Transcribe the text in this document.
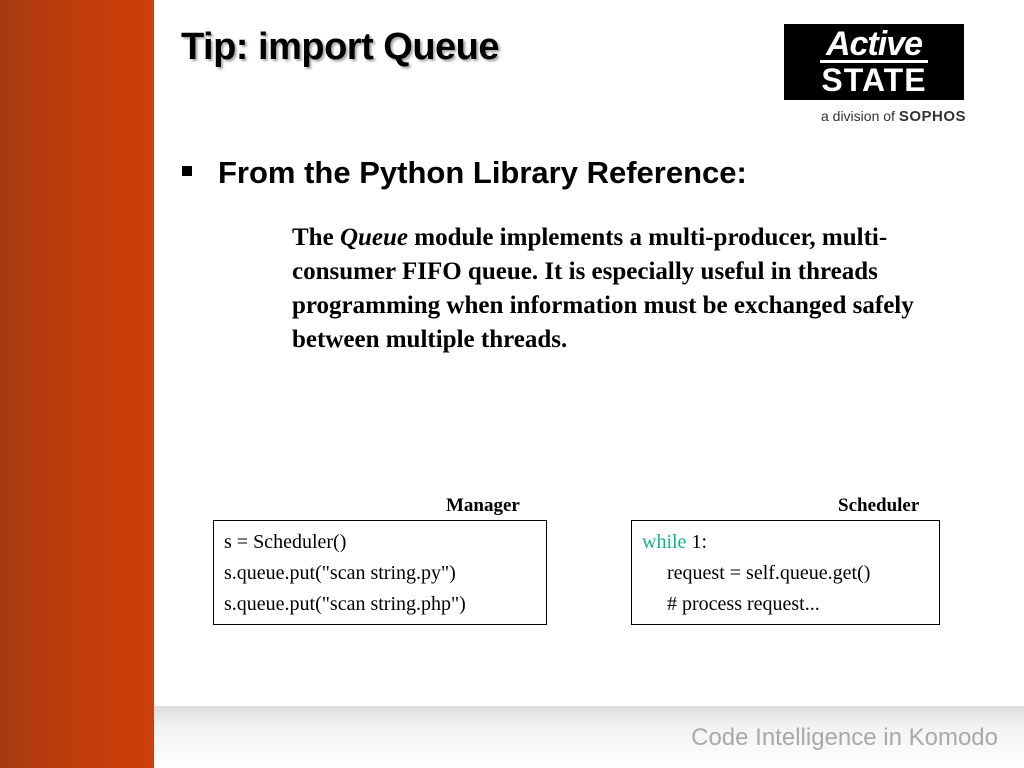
Tip: import Queue	Active
STATE
a division of SOPHOS
From the Python Library Reference:
The Queue module implements a multi-producer, multi-consumer FIFO queue. It is especially useful in threads programming when information must be exchanged safely between multiple threads.
Manager
s = Scheduler()
s.queue.put("scan string.py")
s.queue.put("scan string.php")
Scheduler
while 1:
request = self.queue.get()
# process request...
Code Intelligence in Komodo
